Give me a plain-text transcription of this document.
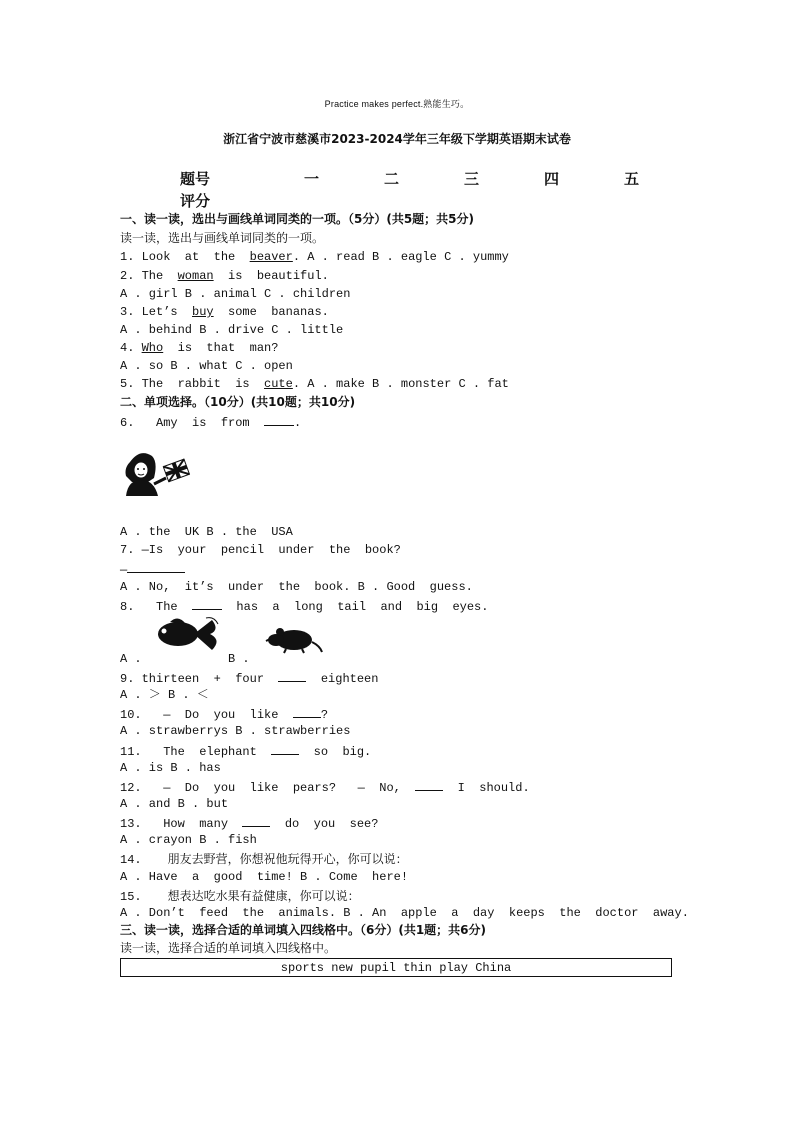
Practice makes perfect.熟能生巧。
浙江省宁波市慈溪市2023-2024学年三年级下学期英语期末试卷
题号	一	二	三	四	五
评分
一、读一读，选出与画线单词同类的一项。（5分）(共5题；共5分)
读一读，选出与画线单词同类的一项。
1. Look  at  the  beaver. A . read B . eagle C . yummy
2. The  woman  is  beautiful.
A . girl B . animal C . children
3. Let’s  buy  some  bananas.
A . behind B . drive C . little
4. Who  is  that  man?
A . so B . what C . open
5. The  rabbit  is  cute. A . make B . monster C . fat
二、单项选择。（10分）(共10题；共10分)
6.   Amy  is  from	.
A . the  UK B . the  USA
7. —Is  your  pencil  under  the  book?
—
A . No,  it’s  under  the  book. B . Good  guess.
8.   The	has  a  long  tail  and  big  eyes.
A .	B .
9. thirteen  +  four    eighteen
A . ＞ B . ＜
10.   —  Do  you  like  ?
A . strawberrys B . strawberries
11.   The  elephant    so  big.
A . is B . has
12.   —  Do  you  like  pears?   —  No,    I  should.
A . and B . but
13.   How  many    do  you  see?
A . crayon B . fish
14. 朋友去野营，你想祝他玩得开心，你可以说：
A . Have  a  good  time! B . Come  here!
15. 想表达吃水果有益健康，你可以说：
A . Don’t  feed  the  animals. B . An  apple  a  day  keeps  the  doctor  away.
三、读一读，选择合适的单词填入四线格中。（6分）(共1题；共6分)
读一读，选择合适的单词填入四线格中。
sports new pupil thin play China
